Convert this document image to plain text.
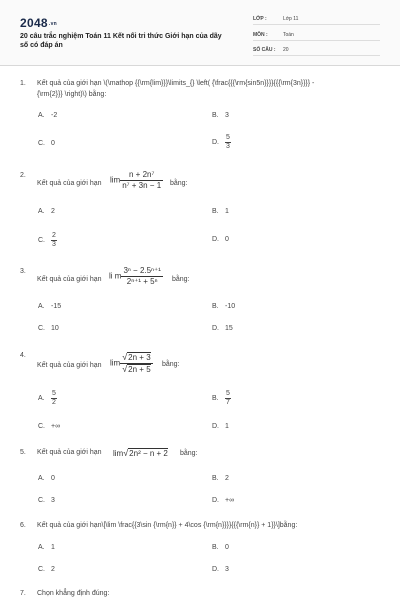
2048.vn
20 câu trắc nghiệm Toán 11 Kết nối tri thức Giới hạn của dãy số có đáp án
LỚP :	Lớp 11
MÔN :	Toán
SỐ CÂU : 20
1. Kết quả của giới hạn \(\mathop {{\rm{lim}}}\limits_{} \left( {\frac{{{\rm{sin5n}}}}{{{\rm{3n}}}} -
{\rm{2}}} \right)\) bằng:
A. -2	B. 3
C. 0	D. $\frac{5}{3}$
2.
Kết quả của giới hạn $\lim \frac{\text{n + 2n⁷}}{\text{n⁷ + 3n − 1}}$ bằng:
A. 2	B. 1
C. $\frac{2}{3}$	D. 0
3.
Kết quả của giới hạn li m $\frac{\text{3ⁿ − 2.5ⁿ⁺¹}}{\text{2ⁿ⁺¹ + 5ⁿ}}$ bằng:
A. -15	B. -10
C. 10	D. 15
4.
Kết quả của giới hạn $\lim \frac{√2n + 3}{√2n + 5}$ bằng:
A. $\frac{5}{2}$	B. $\frac{5}{7}$
C. +∞	D. 1
5. Kết quả của giới hạn lim√2n² − n + 2 bằng:
A. 0	B. 2
C. 3	D. +∞
6. Kết quả của giới hạn\[\lim \frac{{3\sin {\rm{n}} + 4\cos {\rm{n}}}}{{{\rm{n}} + 1}}\]bằng:
A. 1	B. 0
C. 2	D. 3
7. Chọn khẳng định đúng:
